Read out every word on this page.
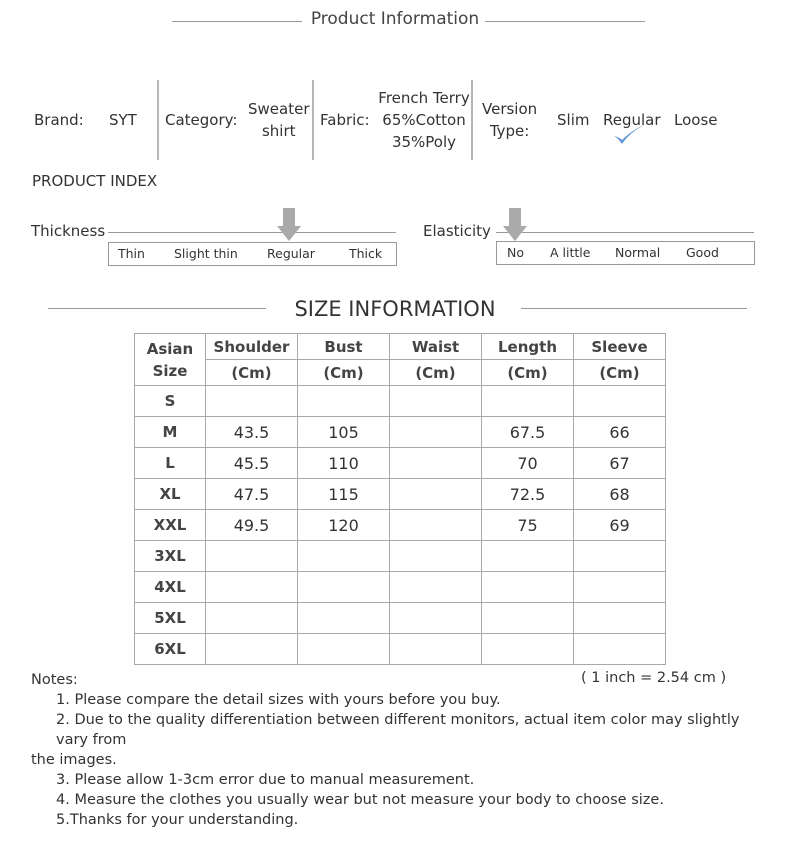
Product Information
Brand: SYT Category:
Sweater
shirt
Fabric:
French Terry
65%Cotton
35%Poly
Version
Type:
Slim Regular Loose
PRODUCT INDEX
Thickness
Thin Slight thin Regular	Thick
Elasticity
No A little Normal Good
SIZE INFORMATION
Asian
Size	Shoulder	Bust	Waist	Length	Sleeve
	(Cm)	(Cm)	(Cm)	(Cm)	(Cm)
S					
M	43.5	105		67.5	66
L	45.5	110		70	67
XL	47.5	115		72.5	68
XXL	49.5	120		75	69
3XL					
4XL					
5XL					
6XL					
Notes:
1. Please compare the detail sizes with yours before you buy.
2. Due to the quality differentiation between different monitors, actual item color may slightly vary from
the images.
3. Please allow 1-3cm error due to manual measurement.
4. Measure the clothes you usually wear but not measure your body to choose size.
5.Thanks for your understanding.
( 1 inch = 2.54 cm )
